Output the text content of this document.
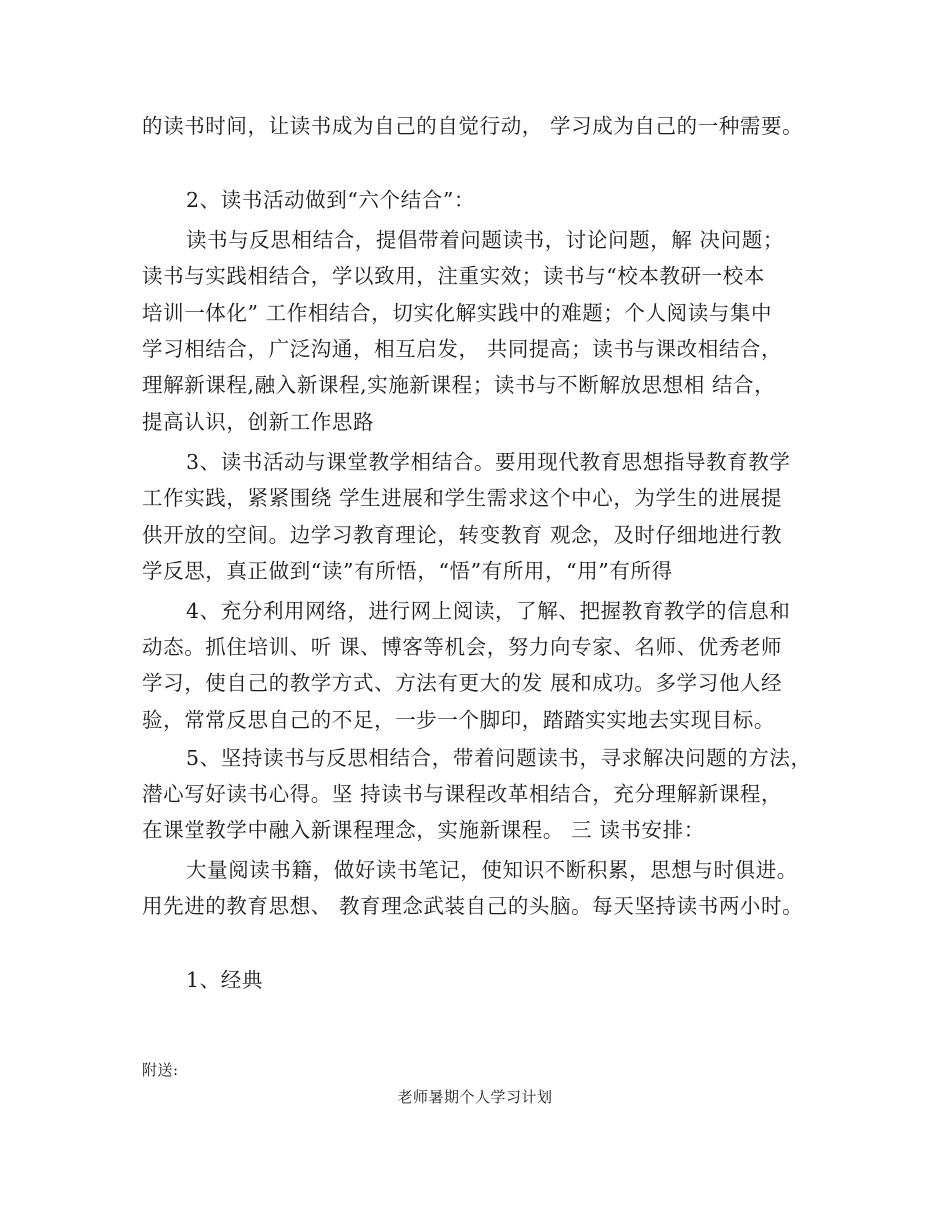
的读书时间，让读书成为自己的自觉行动， 学习成为自己的一种需要。
2、读书活动做到“六个结合”：
读书与反思相结合，提倡带着问题读书，讨论问题，解 决问题；
读书与实践相结合，学以致用，注重实效；读书与“校本教研一校本
培训一体化” 工作相结合，切实化解实践中的难题；个人阅读与集中
学习相结合，广泛沟通，相互启发， 共同提高；读书与课改相结合，
理解新课程,融入新课程,实施新课程；读书与不断解放思想相 结合，
提高认识，创新工作思路
3、读书活动与课堂教学相结合。要用现代教育思想指导教育教学
工作实践，紧紧围绕 学生进展和学生需求这个中心，为学生的进展提
供开放的空间。边学习教育理论，转变教育 观念，及时仔细地进行教
学反思，真正做到“读”有所悟，“悟”有所用，“用”有所得
4、充分利用网络，进行网上阅读，了解、把握教育教学的信息和
动态。抓住培训、听 课、博客等机会，努力向专家、名师、优秀老师
学习，使自己的教学方式、方法有更大的发 展和成功。多学习他人经
验，常常反思自己的不足，一步一个脚印，踏踏实实地去实现目标。
5、坚持读书与反思相结合，带着问题读书，寻求解决问题的方法，
潜心写好读书心得。坚 持读书与课程改革相结合，充分理解新课程，
在课堂教学中融入新课程理念，实施新课程。 三 读书安排：
大量阅读书籍，做好读书笔记，使知识不断积累，思想与时俱进。
用先进的教育思想、 教育理念武装自己的头脑。每天坚持读书两小时。
1、经典
附送:
老师暑期个人学习计划
